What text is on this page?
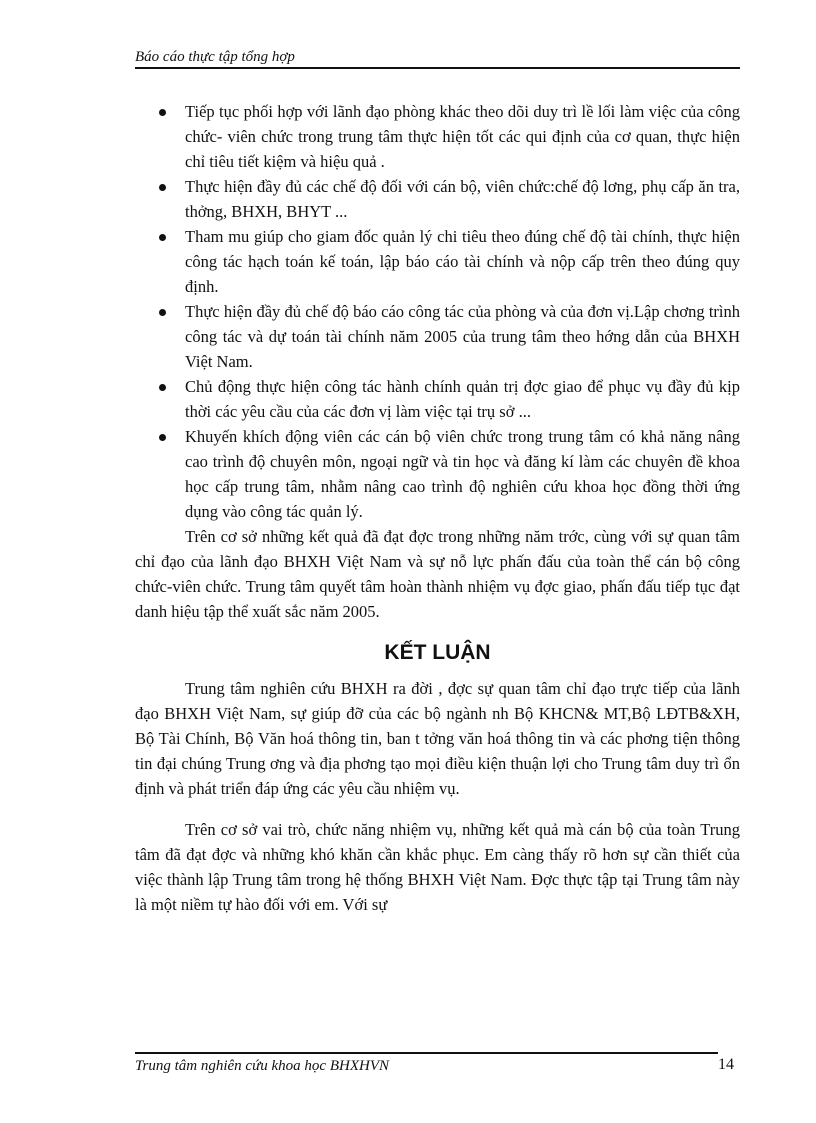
Báo cáo thực tập tổng hợp
Tiếp tục phối hợp với lãnh đạo phòng khác theo dõi duy trì lề lối làm việc của công chức- viên chức trong trung tâm thực hiện tốt các qui định của cơ quan, thực hiện chỉ tiêu tiết kiệm và hiệu quả .
Thực hiện đầy đủ các chế độ đối với cán bộ, viên chức:chế độ lơng, phụ cấp ăn tra, thởng, BHXH, BHYT ...
Tham mu giúp cho giam đốc quản lý chi tiêu theo đúng chế độ tài chính, thực hiện công tác hạch toán kế toán, lập báo cáo tài chính và nộp cấp trên theo đúng quy định.
Thực hiện đầy đủ chế độ báo cáo công tác của phòng và của đơn vị.Lập chơng trình công tác và dự toán tài chính năm 2005 của trung tâm theo hớng dẫn của BHXH Việt Nam.
Chủ động thực hiện công tác hành chính quản trị đợc giao để phục vụ đầy đủ kịp thời các yêu cầu của các đơn vị làm việc tại trụ sở ...
Khuyến khích động viên các cán bộ viên chức trong trung tâm có khả năng nâng cao trình độ chuyên môn, ngoại ngữ và tin học và đăng kí làm các chuyên đề khoa học cấp trung tâm, nhằm nâng cao trình độ nghiên cứu khoa học đồng thời ứng dụng vào công tác quản lý.

Trên cơ sở những kết quả đã đạt đợc trong những năm trớc, cùng với sự quan tâm chỉ đạo của lãnh đạo BHXH Việt Nam và sự nỗ lực phấn đấu của toàn thể cán bộ công chức-viên chức. Trung tâm quyết tâm hoàn thành nhiệm vụ đợc giao, phấn đấu tiếp tục đạt danh hiệu tập thể xuất sắc năm 2005.

KẾT LUẬN

Trung tâm nghiên cứu BHXH ra đời , đợc sự quan tâm chỉ đạo trực tiếp của lãnh đạo BHXH Việt Nam, sự giúp đỡ của các bộ ngành nh Bộ KHCN& MT,Bộ LĐTB&XH, Bộ Tài Chính, Bộ Văn hoá thông tin, ban t tởng văn hoá thông tin và các phơng tiện thông tin đại chúng Trung ơng và địa phơng tạo mọi điều kiện thuận lợi cho Trung tâm duy trì ổn định và phát triển đáp ứng các yêu cầu nhiệm vụ.

Trên cơ sở vai trò, chức năng nhiệm vụ, những kết quả mà cán bộ của toàn Trung tâm đã đạt đợc và những khó khăn cần khắc phục. Em càng thấy rõ hơn sự cần thiết của việc thành lập Trung tâm trong hệ thống BHXH Việt Nam. Đợc thực tập tại Trung tâm này là một niềm tự hào đối với em. Với sự

Trung tâm nghiên cứu khoa học BHXHVN	14
